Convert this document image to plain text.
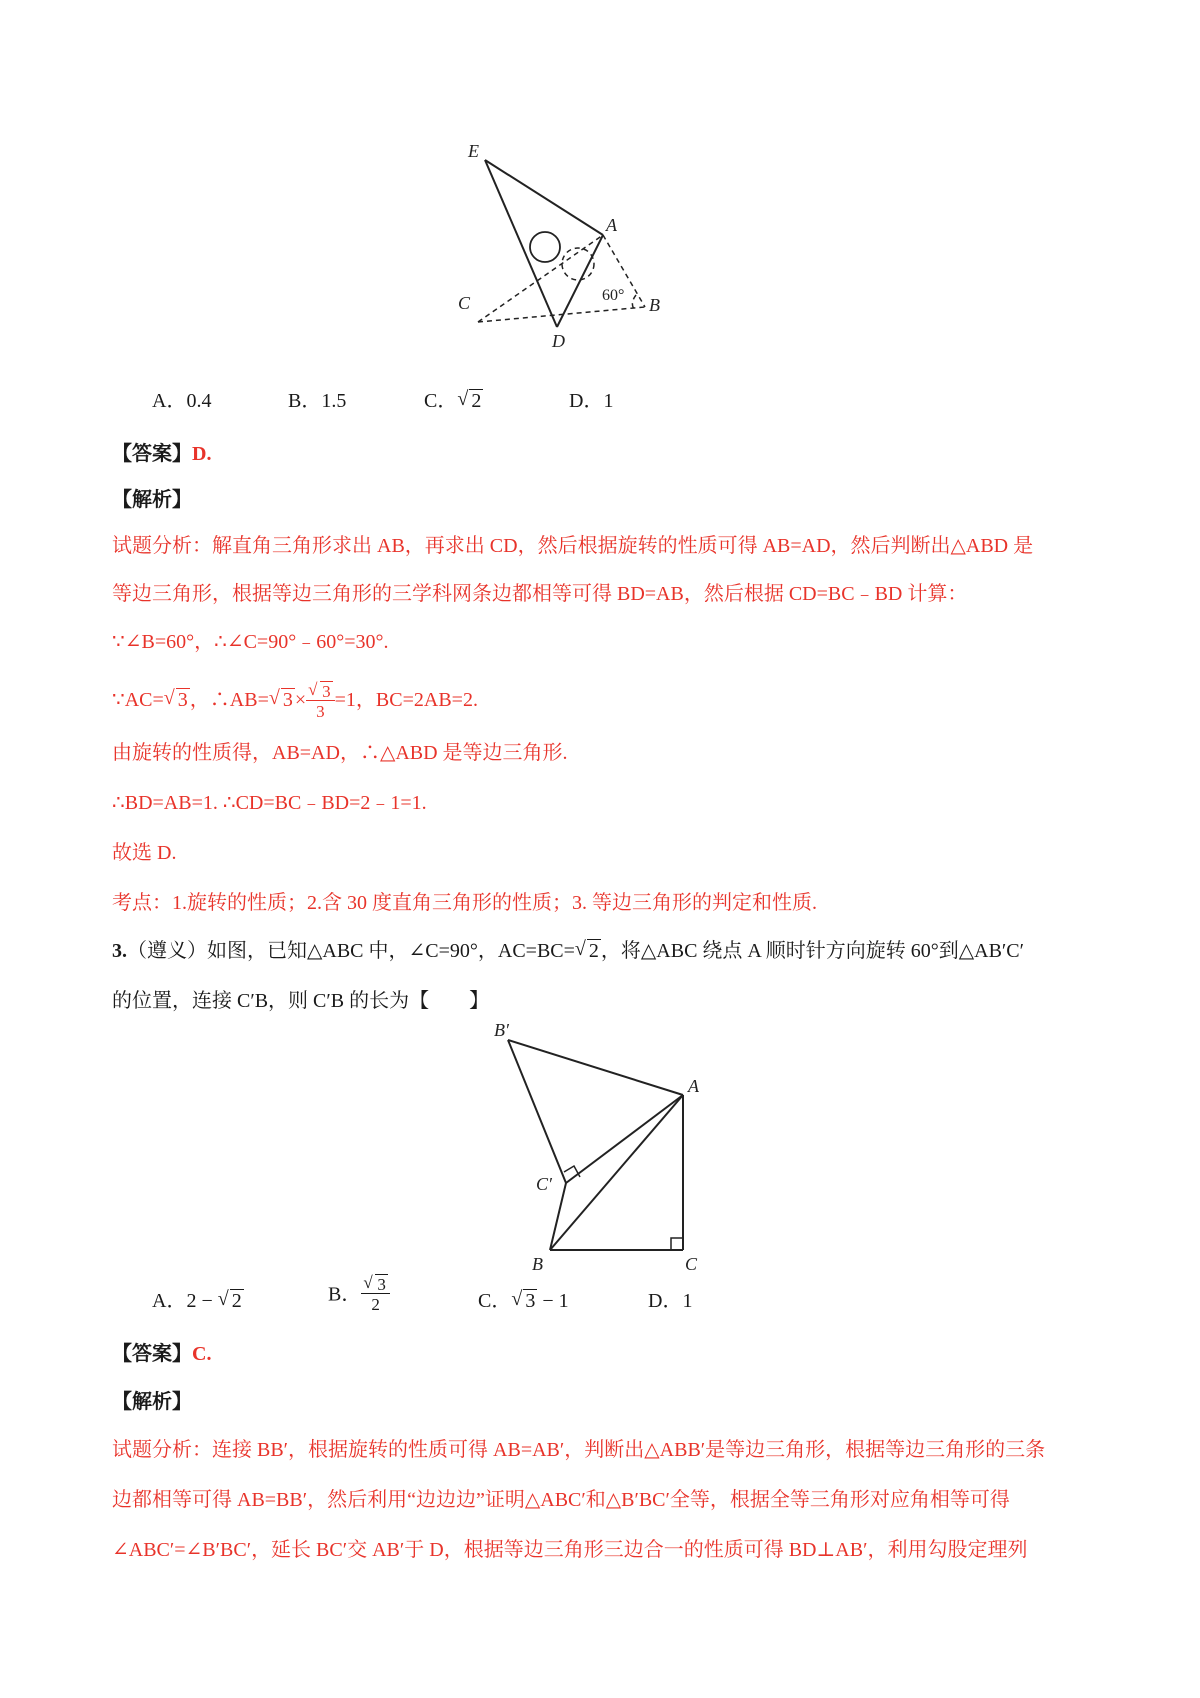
E
A
C
D
B
60°
A．0.4	B．1.5	C． √ 2	D．1
【答案】D.
【解析】
试题分析：解直角三角形求出 AB，再求出 CD，然后根据旋转的性质可得 AB=AD，然后判断出△ABD 是
等边三角形，根据等边三角形的三学科网条边都相等可得 BD=AB，然后根据 CD=BC﹣BD 计算：
∵∠B=60°，∴∠C=90°﹣60°=30°.
∵AC= √ 3 ，∴AB= √ 3 × √ $\frac{3}{3} =1$，BC=2AB=2.
由旋转的性质得，AB=AD，∴△ABD 是等边三角形.
∴BD=AB=1. ∴CD=BC﹣BD=2﹣1=1.
故选 D.
考点：1.旋转的性质；2.含 30 度直角三角形的性质；3. 等边三角形的判定和性质.
3.（遵义）如图，已知△ABC 中，∠C=90°，AC=BC= √ 2 ，将△ABC 绕点 A 顺时针方向旋转 60°到△AB′C′
的位置，连接 C′B，则 C′B 的长为【　　】
B′
A
C′
B	C
A．2 − √ 2	B． √ $\frac{3}{2}$	C． √ 3 − 1	D．1
【答案】C.
【解析】
试题分析：连接 BB′，根据旋转的性质可得 AB=AB′，判断出△ABB′是等边三角形，根据等边三角形的三条
边都相等可得 AB=BB′，然后利用“边边边”证明△ABC′和△B′BC′全等，根据全等三角形对应角相等可得
∠ABC′=∠B′BC′，延长 BC′交 AB′于 D，根据等边三角形三边合一的性质可得 BD⊥AB′，利用勾股定理列
